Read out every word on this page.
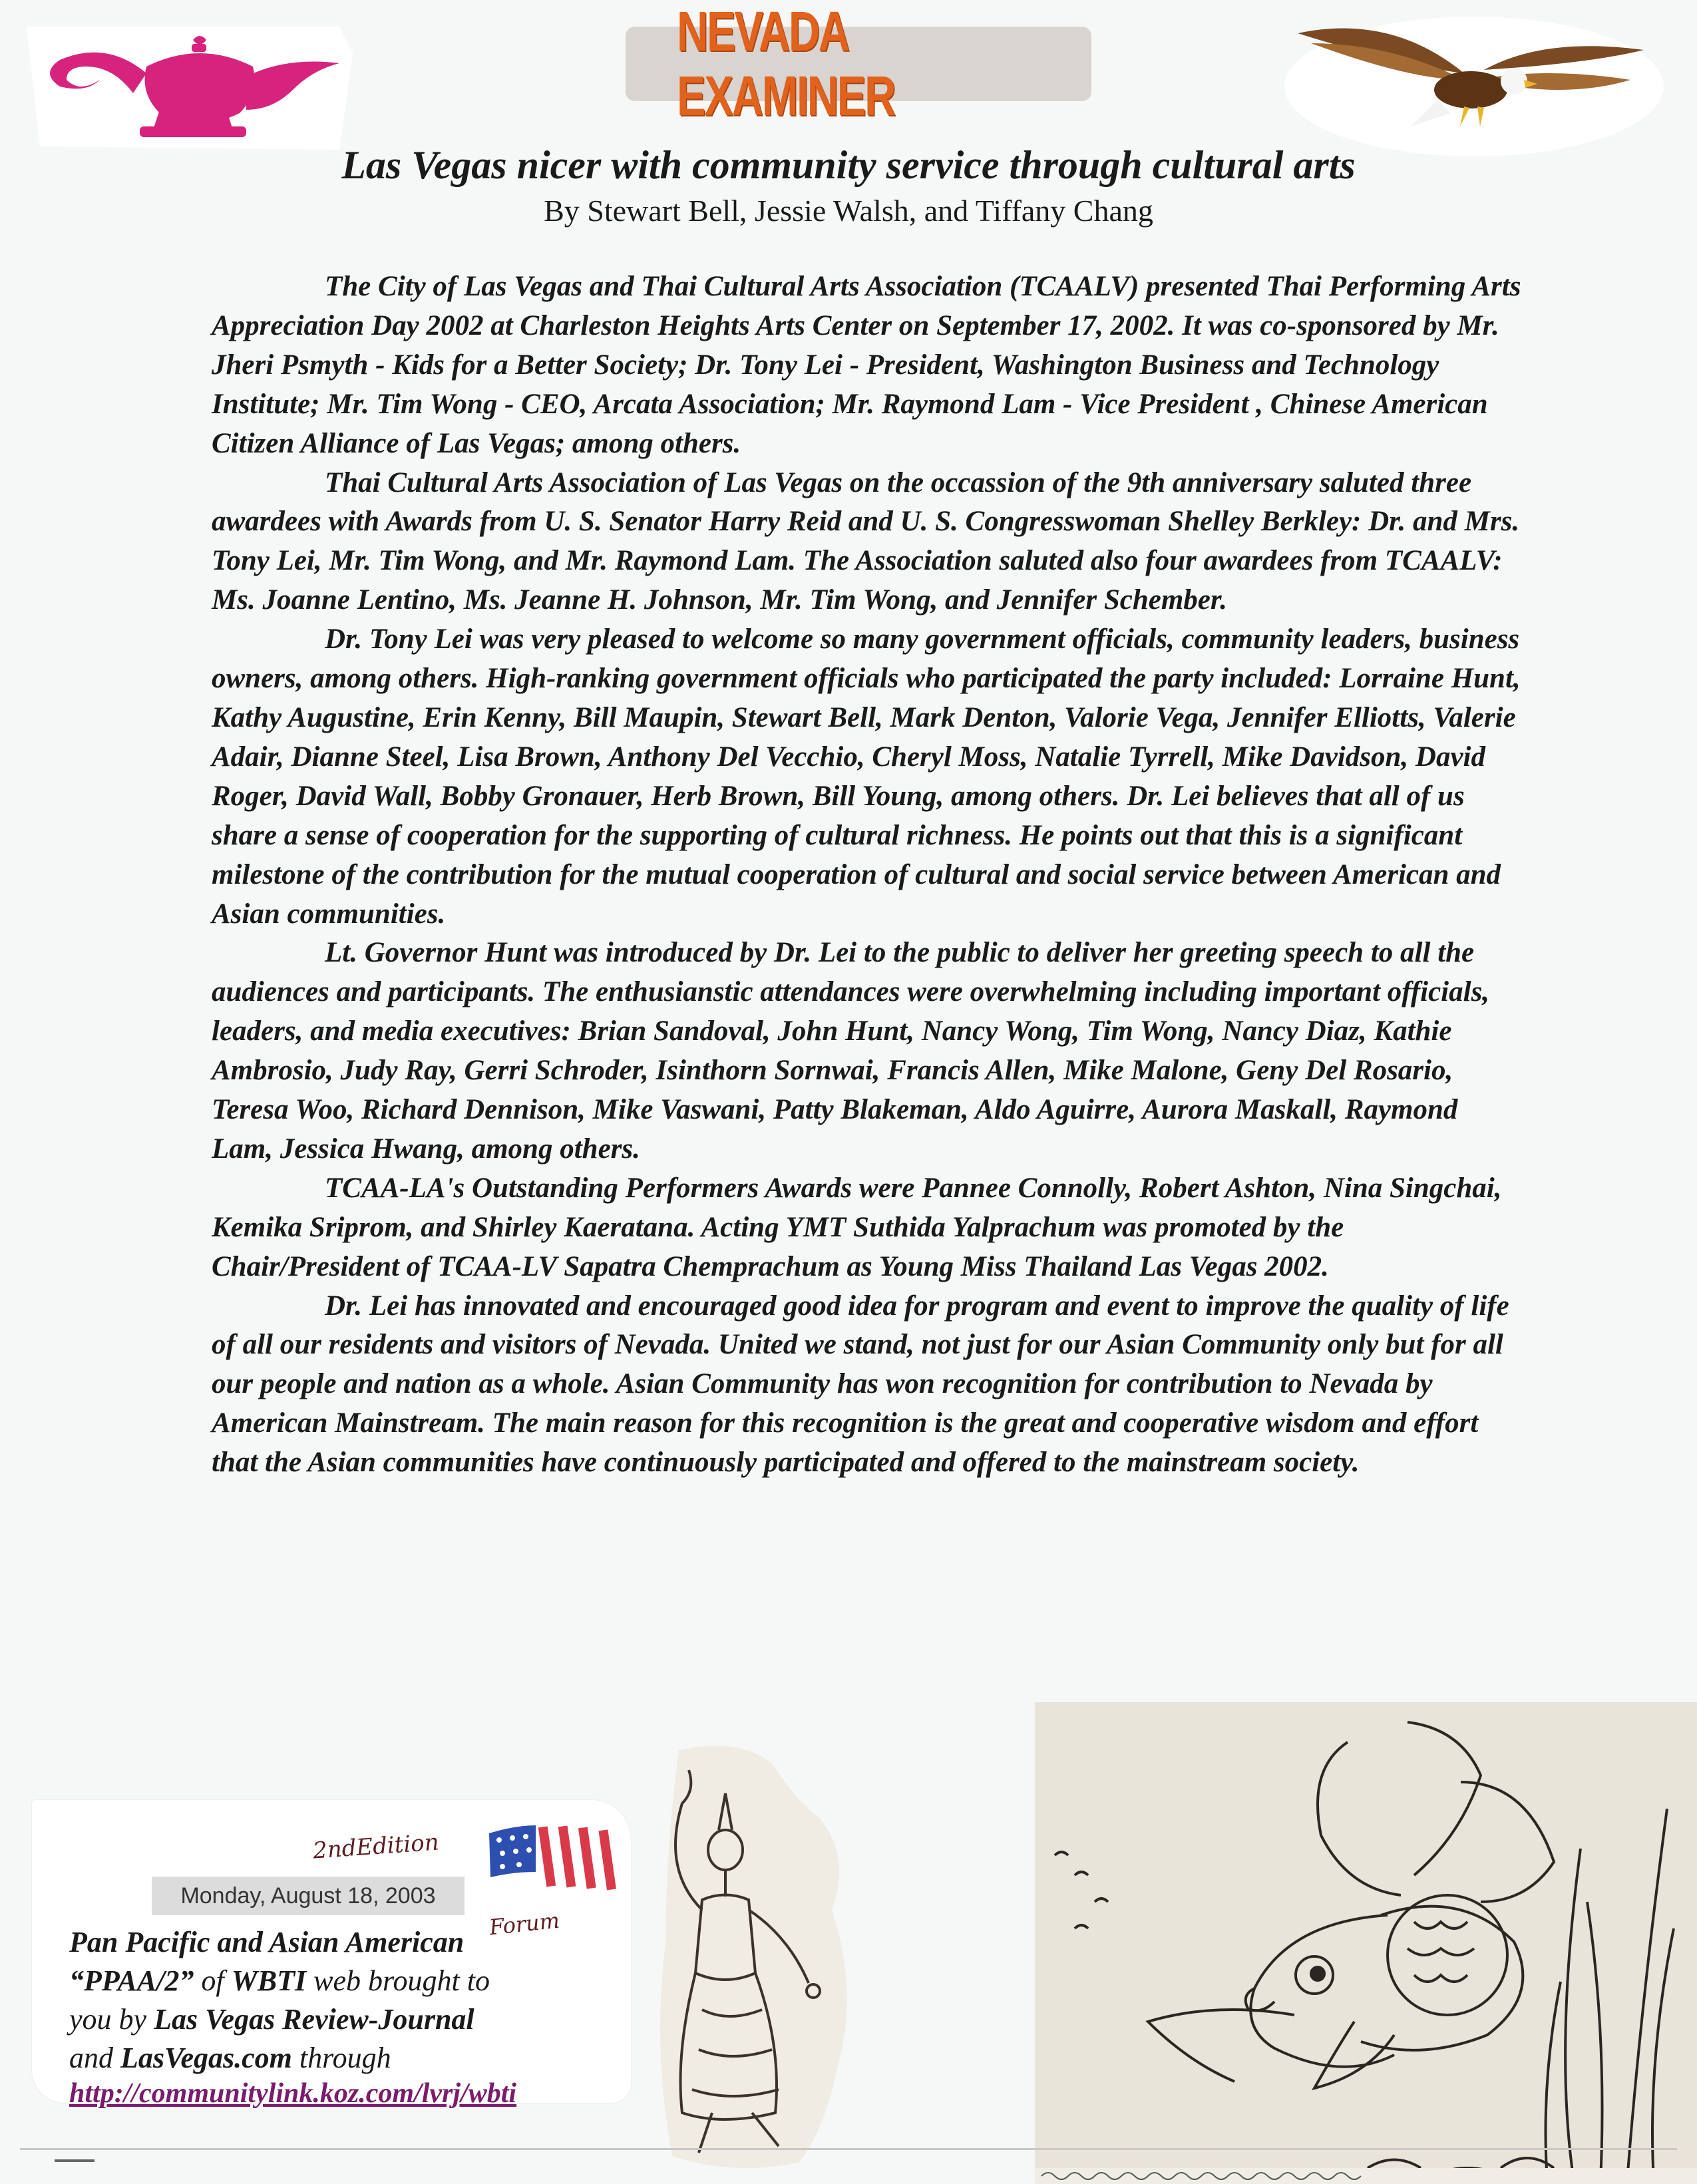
NEVADA EXAMINER
Las Vegas nicer with community service through cultural arts
By Stewart Bell, Jessie Walsh, and Tiffany Chang

The City of Las Vegas and Thai Cultural Arts Association (TCAALV) presented Thai Performing Arts Appreciation Day 2002 at Charleston Heights Arts Center on September 17, 2002. It was co-sponsored by Mr. Jheri Psmyth - Kids for a Better Society; Dr. Tony Lei - President, Washington Business and Technology Institute; Mr. Tim Wong - CEO, Arcata Association; Mr. Raymond Lam - Vice President , Chinese American Citizen Alliance of Las Vegas; among others.

Thai Cultural Arts Association of Las Vegas on the occassion of the 9th anniversary saluted three awardees with Awards from U. S. Senator Harry Reid and U. S. Congresswoman Shelley Berkley: Dr. and Mrs. Tony Lei, Mr. Tim Wong, and Mr. Raymond Lam. The Association saluted also four awardees from TCAALV: Ms. Joanne Lentino, Ms. Jeanne H. Johnson, Mr. Tim Wong, and Jennifer Schember.

Dr. Tony Lei was very pleased to welcome so many government officials, community leaders, business owners, among others. High-ranking government officials who participated the party included: Lorraine Hunt, Kathy Augustine, Erin Kenny, Bill Maupin, Stewart Bell, Mark Denton, Valorie Vega, Jennifer Elliotts, Valerie Adair, Dianne Steel, Lisa Brown, Anthony Del Vecchio, Cheryl Moss, Natalie Tyrrell, Mike Davidson, David Roger, David Wall, Bobby Gronauer, Herb Brown, Bill Young, among others. Dr. Lei believes that all of us share a sense of cooperation for the supporting of cultural richness. He points out that this is a significant milestone of the contribution for the mutual cooperation of cultural and social service between American and Asian communities.

Lt. Governor Hunt was introduced by Dr. Lei to the public to deliver her greeting speech to all the audiences and participants. The enthusianstic attendances were overwhelming including important officials, leaders, and media executives: Brian Sandoval, John Hunt, Nancy Wong, Tim Wong, Nancy Diaz, Kathie Ambrosio, Judy Ray, Gerri Schroder, Isinthorn Sornwai, Francis Allen, Mike Malone, Geny Del Rosario, Teresa Woo, Richard Dennison, Mike Vaswani, Patty Blakeman, Aldo Aguirre, Aurora Maskall, Raymond Lam, Jessica Hwang, among others.

TCAA-LA's Outstanding Performers Awards were Pannee Connolly, Robert Ashton, Nina Singchai, Kemika Sriprom, and Shirley Kaeratana. Acting YMT Suthida Yalprachum was promoted by the Chair/President of TCAA-LV Sapatra Chemprachum as Young Miss Thailand Las Vegas 2002.

Dr. Lei has innovated and encouraged good idea for program and event to improve the quality of life of all our residents and visitors of Nevada. United we stand, not just for our Asian Community only but for all our people and nation as a whole. Asian Community has won recognition for contribution to Nevada by American Mainstream. The main reason for this recognition is the great and cooperative wisdom and effort that the Asian communities have continuously participated and offered to the mainstream society.

2ndEdition
Monday, August 18, 2003
Forum
Pan Pacific and Asian American
“PPAA/2” of WBTI web brought to
you by Las Vegas Review-Journal
and LasVegas.com through
http://communitylink.koz.com/lvrj/wbti
